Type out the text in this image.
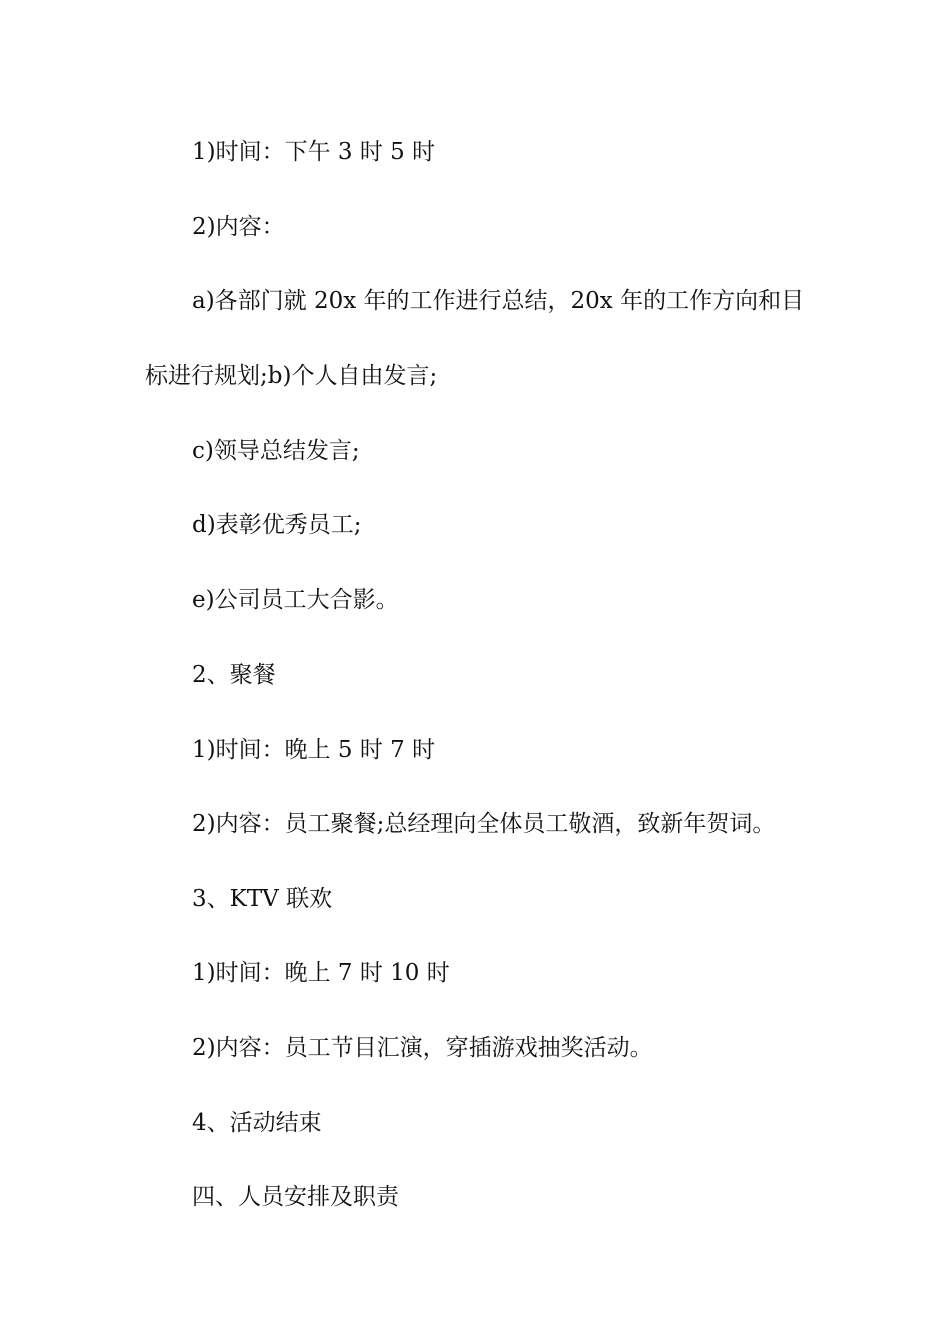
1)时间：下午 3 时 5 时
2)内容：
a)各部门就 20x 年的工作进行总结，20x 年的工作方向和目
标进行规划;b)个人自由发言;
c)领导总结发言;
d)表彰优秀员工;
e)公司员工大合影。
2、聚餐
1)时间：晚上 5 时 7 时
2)内容：员工聚餐;总经理向全体员工敬酒，致新年贺词。
3、KTV 联欢
1)时间：晚上 7 时 10 时
2)内容：员工节目汇演，穿插游戏抽奖活动。
4、活动结束
四、人员安排及职责
